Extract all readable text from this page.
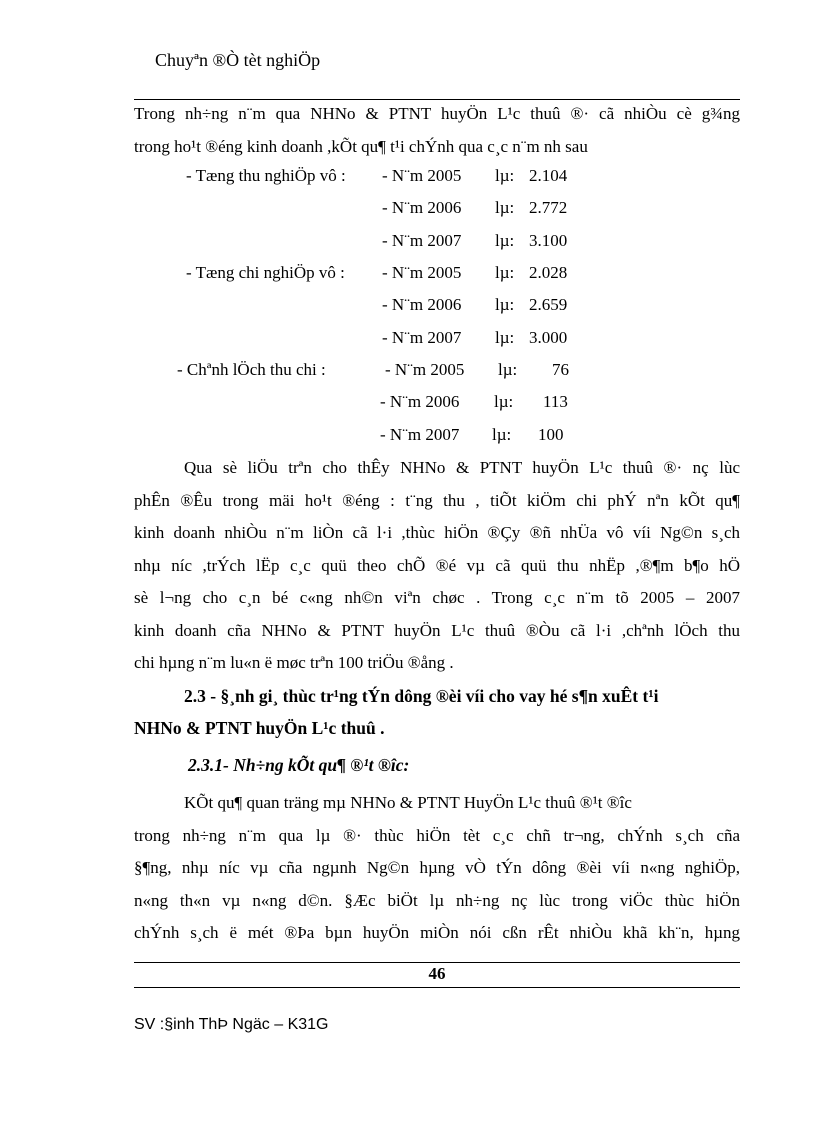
Chuyªn ®Ò tèt nghiÖp
Trong nh÷ng n¨m qua NHNo & PTNT huyÖn L¹c thuû ®· cã nhiÒu cè g¾ng
trong ho¹t ®éng kinh doanh ,kÕt qu¶ t¹i chÝnh qua c¸c n¨m nh sau
- Tæng thu nghiÖp vô : - N¨m 2005 lµ: 2.104
- N¨m 2006 lµ: 2.772
- N¨m 2007 lµ: 3.100
- Tæng chi nghiÖp vô : - N¨m 2005 lµ: 2.028
- N¨m 2006 lµ: 2.659
- N¨m 2007 lµ: 3.000
- Chªnh lÖch thu chi :	- N¨m 2005 lµ: 76
- N¨m 2006 lµ: 113
- N¨m 2007 lµ: 100
Qua sè liÖu trªn cho thÊy NHNo & PTNT huyÖn L¹c thuû ®· nç lùc
phÊn ®Êu trong mäi ho¹t ®éng : t¨ng thu , tiÕt kiÖm chi phÝ nªn kÕt qu¶
kinh doanh nhiÒu n¨m liÒn cã l·i ,thùc hiÖn ®Çy ®ñ nhÜa vô víi Ng©n s¸ch
nhµ níc ,trÝch lËp c¸c quü theo chÕ ®é vµ cã quü thu nhËp ,®¶m b¶o hÖ
sè l¬ng cho c¸n bé c«ng nh©n viªn chøc . Trong c¸c n¨m tõ 2005 – 2007
kinh doanh cña NHNo & PTNT huyÖn L¹c thuû ®Òu cã l·i ,chªnh lÖch thu
chi hµng n¨m lu«n ë møc trªn 100 triÖu ®ång .
2.3 - §¸nh gi¸ thùc tr¹ng tÝn dông ®èi víi cho vay hé s¶n xuÊt t¹i
NHNo & PTNT huyÖn L¹c thuû .
2.3.1- Nh÷ng kÕt qu¶ ®¹t ®îc:
KÕt qu¶ quan träng mµ NHNo & PTNT HuyÖn L¹c thuû ®¹t ®îc
trong nh÷ng n¨m qua lµ ®· thùc hiÖn tèt c¸c chñ tr¬ng, chÝnh s¸ch cña
§¶ng, nhµ níc vµ cña ngµnh Ng©n hµng vÒ tÝn dông ®èi víi n«ng nghiÖp,
n«ng th«n vµ n«ng d©n. §Æc biÖt lµ nh÷ng nç lùc trong viÖc thùc hiÖn
chÝnh s¸ch ë mét ®Þa bµn huyÖn miÒn nói cßn rÊt nhiÒu khã kh¨n, hµng
46
SV :§inh ThÞ Ngäc – K31G
